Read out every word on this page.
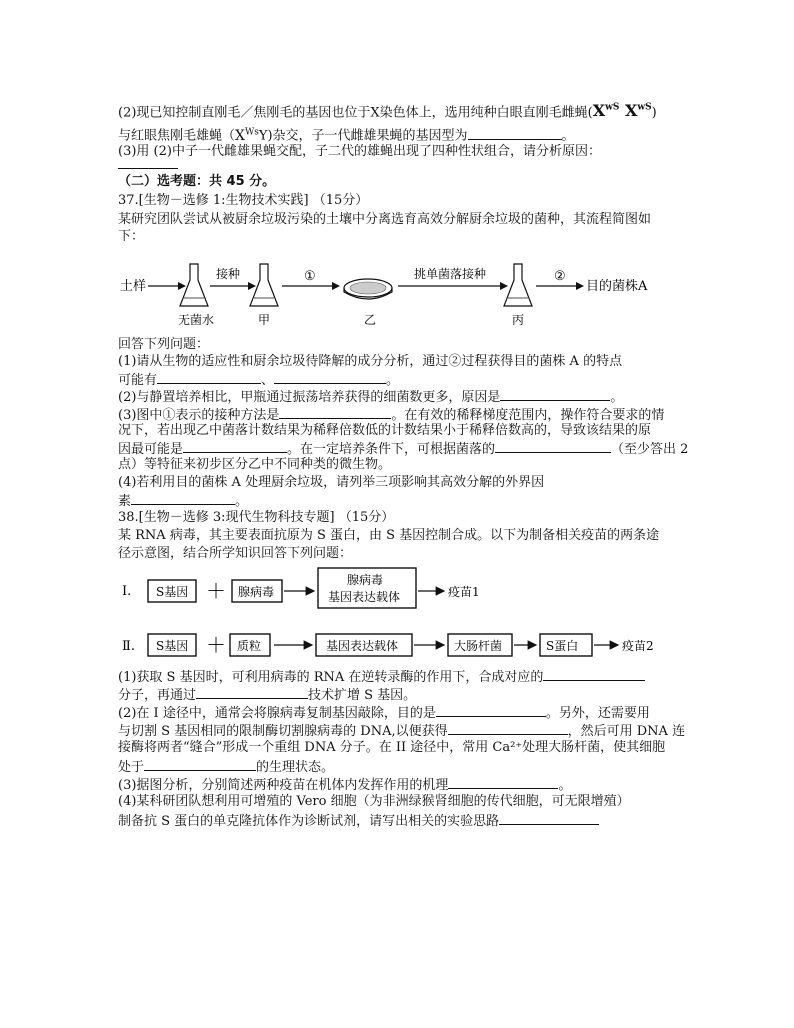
(2)现已知控制直刚毛／焦刚毛的基因也位于X染色体上，选用纯种白眼直刚毛雌蝇($X^{wS}$ $X^{wS}$)
与红眼焦刚毛雄蝇$(X^{Ws}Y)$杂交，子一代雌雄果蝇的基因型为	。
(3)用 (2)中子一代雌雄果蝇交配，子二代的雄蝇出现了四种性状组合，请分析原因：
（二）选考题：共 45 分。
37.[生物－选修 1:生物技术实践] （15分）
某研究团队尝试从被厨余垃圾污染的土壤中分离选育高效分解厨余垃圾的菌种，其流程简图如
下：
土样
无菌水
接种
甲
①
乙
挑单菌落接种
丙
②
目的菌株A
回答下列问题：
(1)请从生物的适应性和厨余垃圾待降解的成分分析，通过②过程获得目的菌株 A 的特点
可能有	、	。
(2)与静置培养相比，甲瓶通过振荡培养获得的细菌数更多，原因是	。
(3)图中①表示的接种方法是	。在有效的稀释梯度范围内，操作符合要求的情
况下，若出现乙中菌落计数结果为稀释倍数低的计数结果小于稀释倍数高的，导致该结果的原
因最可能是	。在一定培养条件下，可根据菌落的	（至少答出 2
点）等特征来初步区分乙中不同种类的微生物。
(4)若利用目的菌株 A 处理厨余垃圾，请列举三项影响其高效分解的外界因
素	。
38.[生物－选修 3:现代生物科技专题] （15分）
某 RNA 病毒，其主要表面抗原为 S 蛋白，由 S 基因控制合成。以下为制备相关疫苗的两条途
径示意图，结合所学知识回答下列问题：
Ⅰ. S基因 ＋ 腺病毒
腺病毒
基因表达载体	疫苗1
Ⅱ. S基因 ＋ 质粒	基因表达载体	大肠杆菌	S蛋白	疫苗2
(1)获取 S 基因时，可利用病毒的 RNA 在逆转录酶的作用下，合成对应的
分子，再通过	技术扩增 S 基因。
(2)在 I 途径中，通常会将腺病毒复制基因敲除，目的是	。另外，还需要用
与切割 S 基因相同的限制酶切割腺病毒的 DNA,以便获得	，然后可用 DNA 连
接酶将两者“缝合”形成一个重组 DNA 分子。在 II 途径中，常用 Ca²⁺处理大肠杆菌，使其细胞
处于	的生理状态。
(3)据图分析，分别简述两种疫苗在机体内发挥作用的机理	。
(4)某科研团队想利用可增殖的 Vero 细胞（为非洲绿猴肾细胞的传代细胞，可无限增殖）
制备抗 S 蛋白的单克隆抗体作为诊断试剂，请写出相关的实验思路
